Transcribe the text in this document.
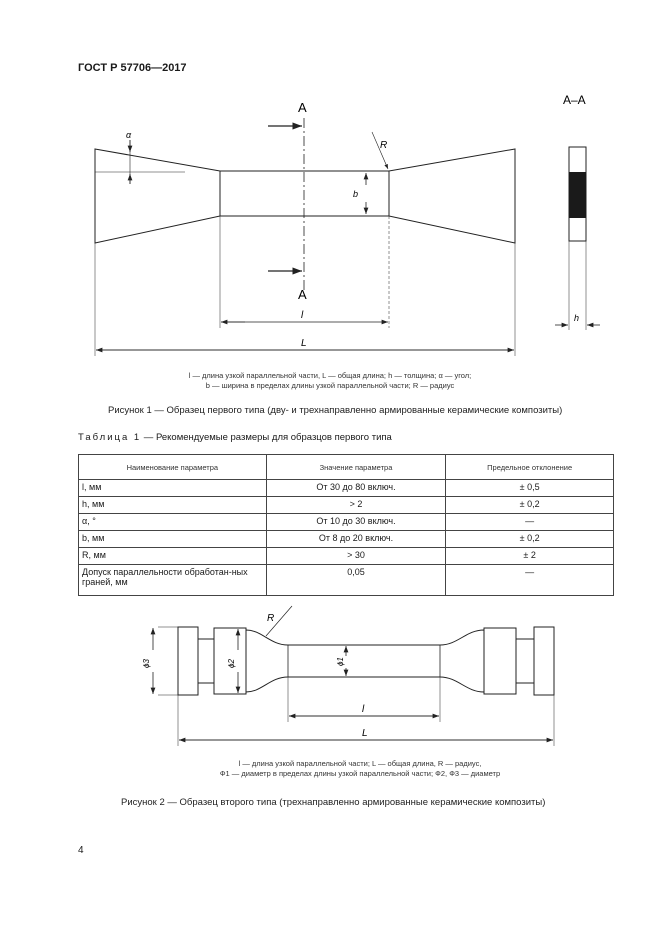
ГОСТ Р 57706—2017
A
A
α
R
b
l
L
A–A
h
l — длина узкой параллельной части, L — общая длина; h — толщина; α — угол;
b — ширина в пределах длины узкой параллельной части; R — радиус
Рисунок 1 — Образец первого типа (дву- и трехнаправленно армированные керамические композиты)
Таблица 1 — Рекомендуемые размеры для образцов первого типа
Наименование параметра	Значение параметра	Предельное отклонение
l, мм	От 30 до 80 включ.	± 0,5
h, мм	> 2	± 0,2
α, °	От 10 до 30 включ.	—
b, мм	От 8 до 20 включ.	± 0,2
R, мм	> 30	± 2
Допуск параллельности обработан-ных граней, мм	0,05	—
R
ϕ1
ϕ2
ϕ3
l
L
l — длина узкой параллельной части; L — общая длина, R — радиус,
Ф1 — диаметр в пределах длины узкой параллельной части; Ф2, Ф3 — диаметр
Рисунок 2 — Образец второго типа (трехнаправленно армированные керамические композиты)
4
